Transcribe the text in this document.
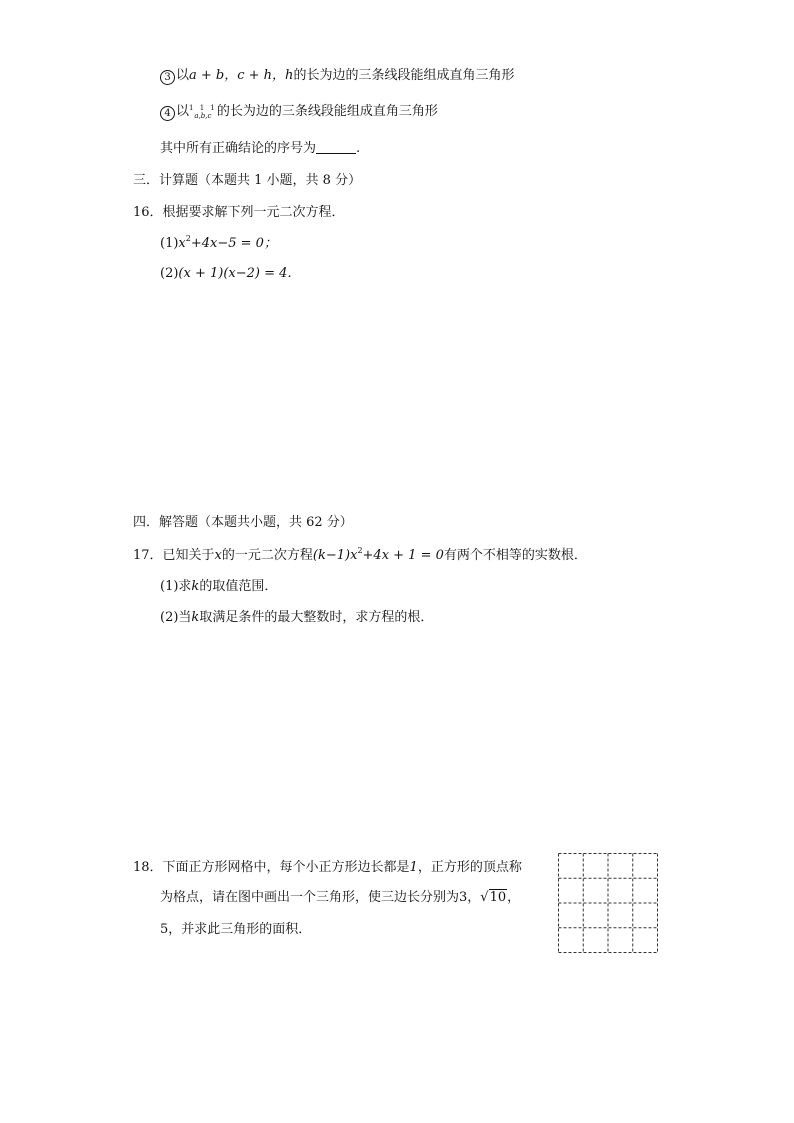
3 以a + b，c + h，h的长为边的三条线段能组成直角三角形
4 以 1 1 1
a,b,c 的长为边的三条线段能组成直角三角形
其中所有正确结论的序号为	.
三．计算题（本题共 1 小题，共 8 分）
16．根据要求解下列一元二次方程．
$(1)x^2+4x-5 = 0$；
(2)(x + 1)(x−2) = 4．
四．解答题（本题共小题，共 62 分）
17．已知关于x的一元二次方程$(k-1)x^2+4x + 1 = 0$有两个不相等的实数根．
(1)求k的取值范围．
(2)当k取满足条件的最大整数时，求方程的根．
18．下面正方形网格中，每个小正方形边长都是1，正方形的顶点称
为格点，请在图中画出一个三角形，使三边长分别为3，√10，
5，并求此三角形的面积．
